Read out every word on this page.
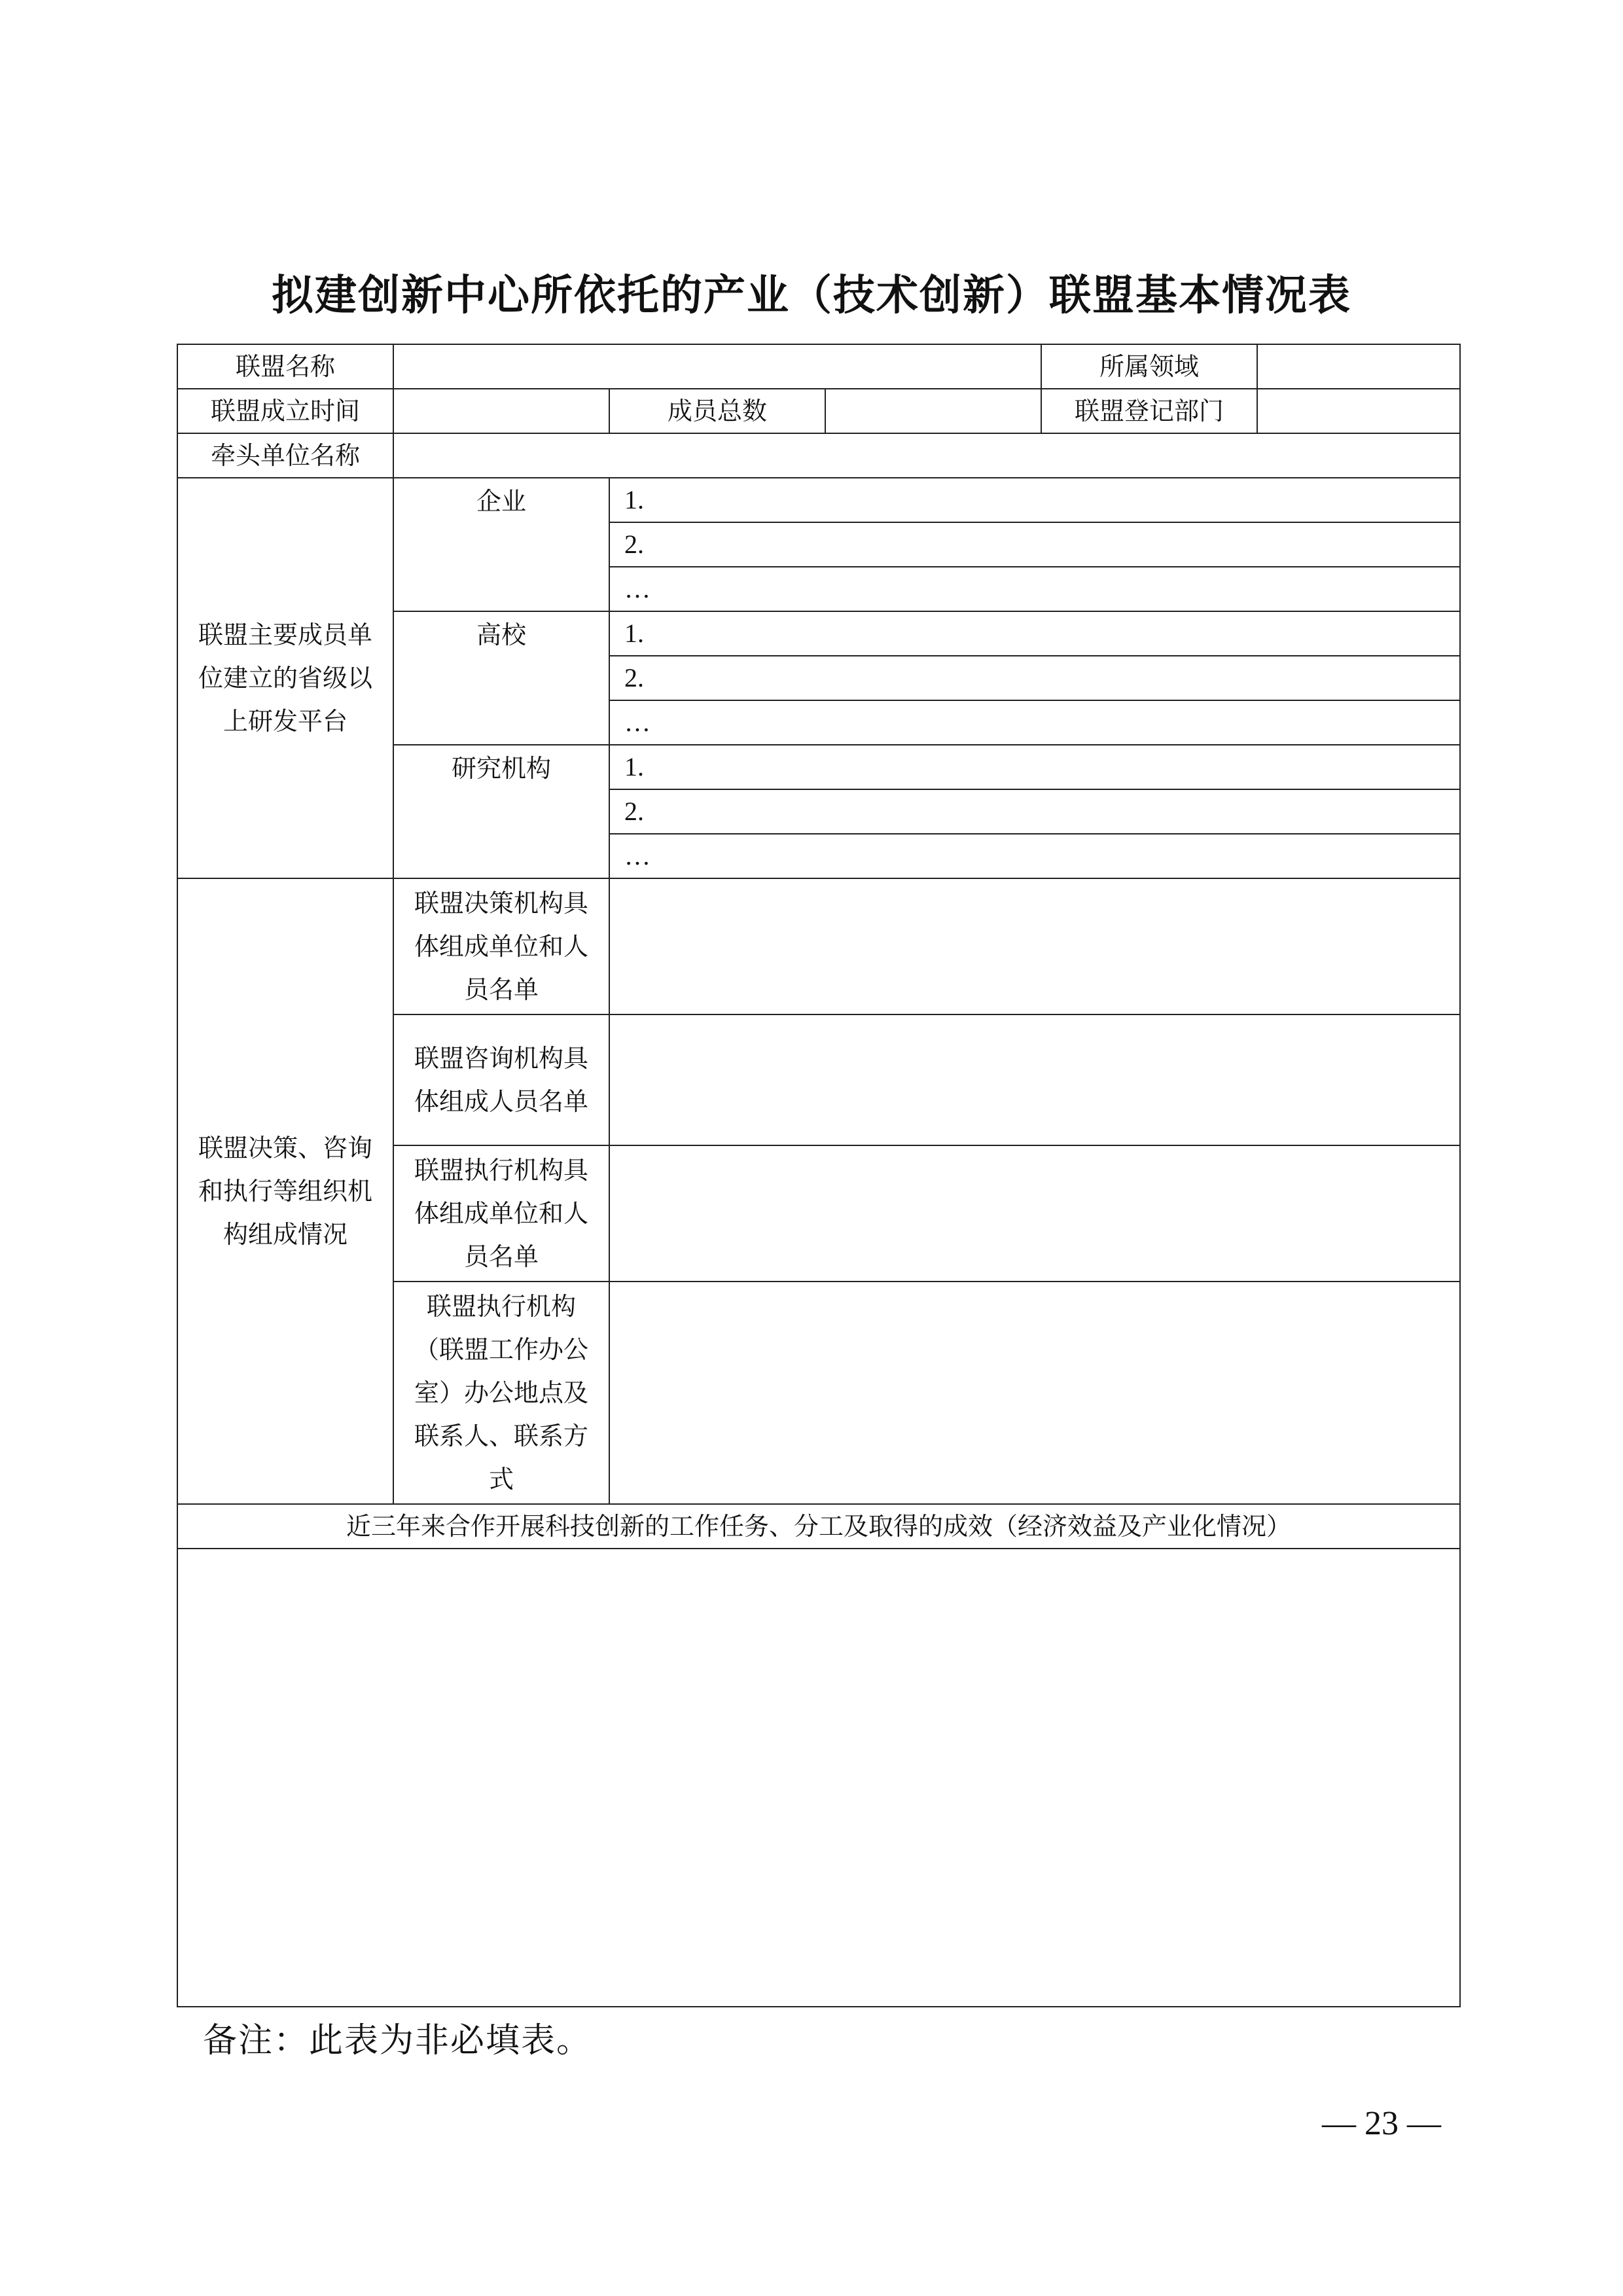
拟建创新中心所依托的产业（技术创新）联盟基本情况表
联盟名称				所属领域	
联盟成立时间		成员总数		联盟登记部门	
牵头单位名称					
联盟主要成员单位建立的省级以上研发平台	企业	1.			
		2.			
		…			
	高校	1.			
		2.			
		…			
	研究机构	1.			
		2.			
		…			
联盟决策、咨询和执行等组织机构组成情况	联盟决策机构具体组成单位和人员名单				
	联盟咨询机构具体组成人员名单				
	联盟执行机构具体组成单位和人员名单				
	联盟执行机构（联盟工作办公室）办公地点及联系人、联系方式				
近三年来合作开展科技创新的工作任务、分工及取得的成效（经济效益及产业化情况）					

备注：此表为非必填表。
— 23 —
